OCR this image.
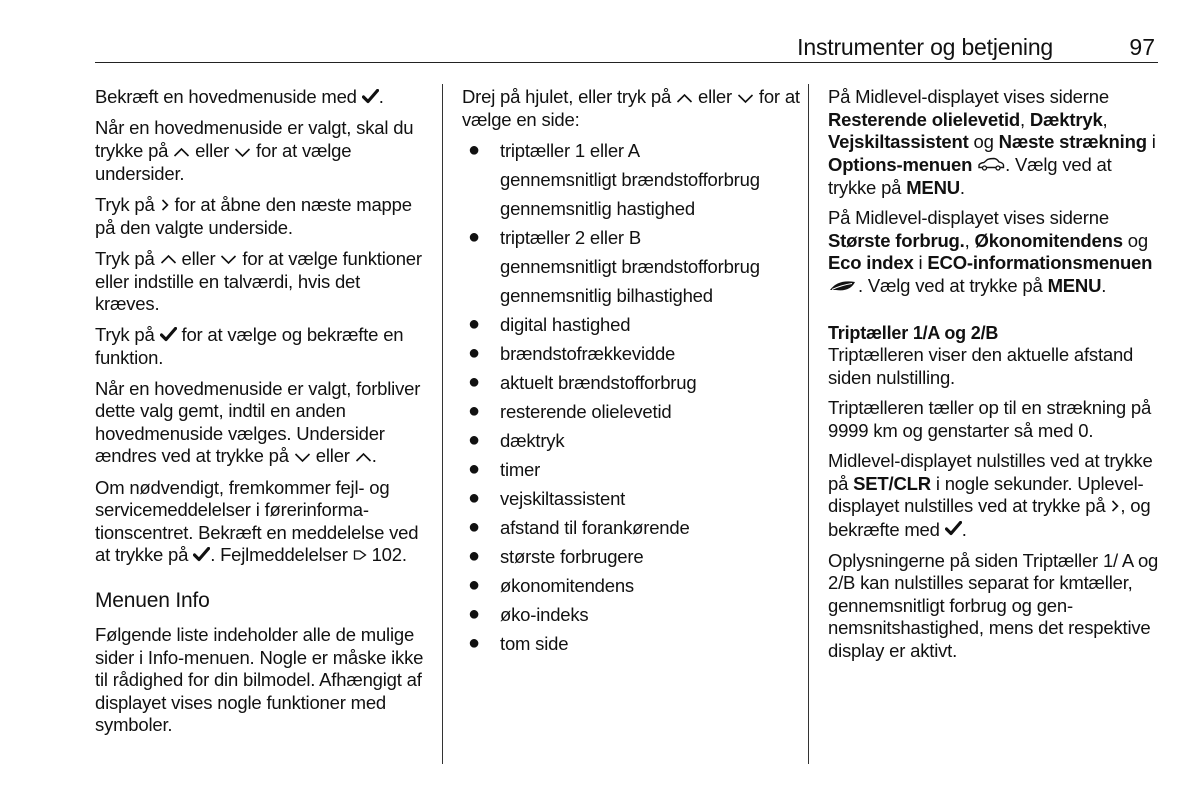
Instrumenter og betjening	97

Bekræft en hovedmenuside med .

Når en hovedmenuside er valgt, skal du trykke på eller for at vælge undersider.

Tryk på for at åbne den næste mappe på den valgte underside.

Tryk på eller for at vælge funktioner eller indstille en talværdi, hvis det kræves.

Tryk på for at vælge og bekræfte en funktion.

Når en hovedmenuside er valgt, forbliver dette valg gemt, indtil en anden hovedmenuside vælges. Undersider ændres ved at trykke på eller .

Om nødvendigt, fremkommer fejl- og servicemeddelelser i førerinformationscentret. Bekræft en meddelelse ved at trykke på . Fejlmeddelelser 102.

Menuen Info

Følgende liste indeholder alle de mulige sider i Info-menuen. Nogle er måske ikke til rådighed for din bilmodel. Afhængigt af displayet vises nogle funktioner med symboler.

Drej på hjulet, eller tryk på eller for at vælge en side:

● triptæller 1 eller A
gennemsnitligt brændstofforbrug
gennemsnitlig hastighed
● triptæller 2 eller B
gennemsnitligt brændstofforbrug
gennemsnitlig bilhastighed
● digital hastighed
● brændstofrækkevidde
● aktuelt brændstofforbrug
● resterende olielevetid
● dæktryk
● timer
● vejskiltassistent
● afstand til forankørende
● største forbrugere
● økonomitendens
● øko-indeks
● tom side

På Midlevel-displayet vises siderne Resterende olielevetid, Dæktryk, Vejskiltassistent og Næste strækning i Options-menuen . Vælg ved at trykke på MENU.

På Midlevel-displayet vises siderne Største forbrug., Økonomitendens og Eco index i ECO-informationsmenuen . Vælg ved at trykke på MENU.

Triptæller 1/A og 2/B

Triptælleren viser den aktuelle afstand siden nulstilling.

Triptælleren tæller op til en strækning på 9999 km og genstarter så med 0.

Midlevel-displayet nulstilles ved at trykke på SET/CLR i nogle sekunder. Uplevel-displayet nulstilles ved at trykke på , og bekræfte med .

Oplysningerne på siden Triptæller 1/ A og 2/B kan nulstilles separat for kmtæller, gennemsnitligt forbrug og gennemsnitshastighed, mens det respektive display er aktivt.
